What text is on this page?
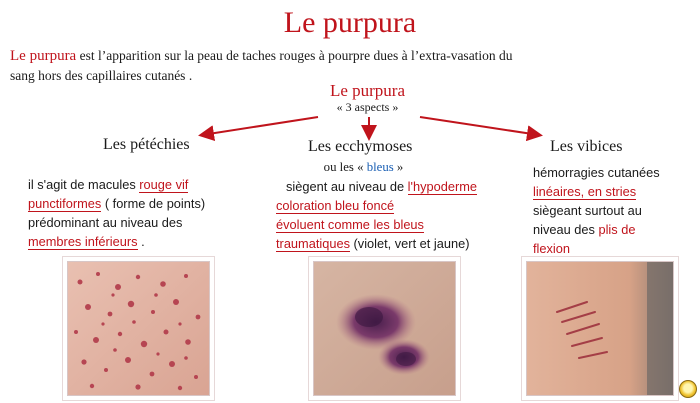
Le purpura
Le purpura est l’apparition sur la peau de taches rouges à pourpre dues à l’extra-vasation du
sang hors des capillaires cutanés .
Le purpura
« 3 aspects »
Les pétéchies
il s'agit de macules rouge vif
punctiformes ( forme de points)
prédominant au niveau des
membres inférieurs .
Les ecchymoses
ou les « bleus »
siègent au niveau de l'hypoderme
coloration bleu foncé
évoluent comme les bleus
traumatiques (violet, vert et jaune)
Les vibices
hémorragies cutanées
linéaires, en stries
siègeant surtout au
niveau des plis de
flexion
